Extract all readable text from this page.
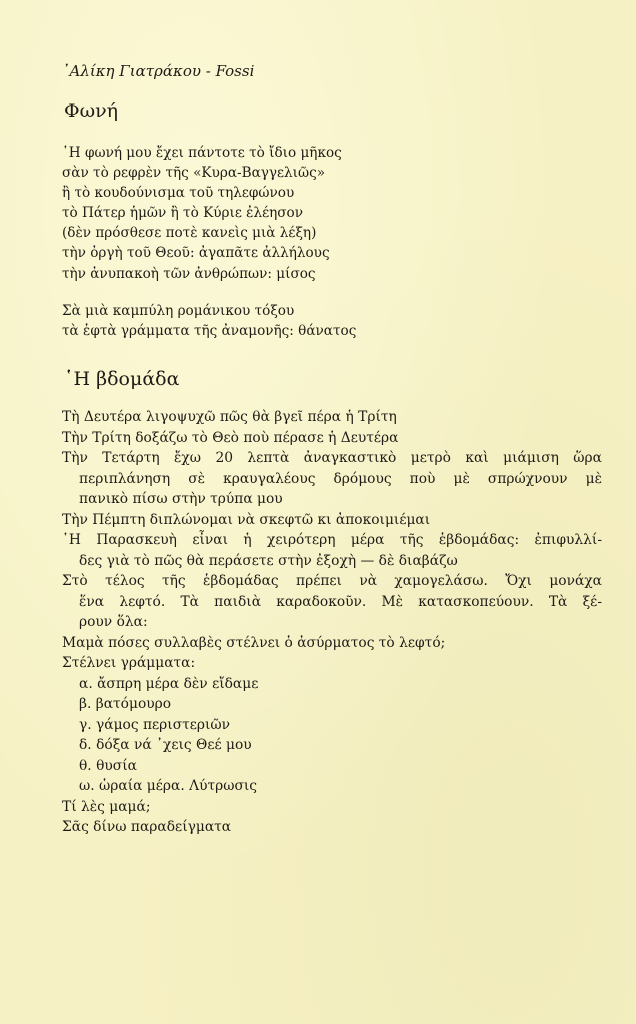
᾿Αλίκη Γιατράκου - Fossi
Φωνή
῾Η φωνή μου ἔχει πάντοτε τὸ ἴδιο μῆκος
σὰν τὸ ρεφρὲν τῆς «Κυρα-Βαγγελιῶς»
ἢ τὸ κουδούνισμα τοῦ τηλεφώνου
τὸ Πάτερ ἡμῶν ἢ τὸ Κύριε ἐλέησον
(δὲν πρόσθεσε ποτὲ κανεὶς μιὰ λέξη)
τὴν ὀργὴ τοῦ Θεοῦ: ἀγαπᾶτε ἀλλήλους
τὴν ἀνυπακοὴ τῶν ἀνθρώπων: μίσος
Σὰ μιὰ καμπύλη ρομάνικου τόξου
τὰ ἑφτὰ γράμματα τῆς ἀναμονῆς: θάνατος
῾Η βδομάδα
Τὴ Δευτέρα λιγοψυχῶ πῶς θὰ βγεῖ πέρα ἡ Τρίτη
Τὴν Τρίτη δοξάζω τὸ Θεὸ ποὺ πέρασε ἡ Δευτέρα
Τὴν Τετάρτη ἔχω 20 λεπτὰ ἀναγκαστικὸ μετρὸ καὶ μιάμιση ὥρα
περιπλάνηση σὲ κραυγαλέους δρόμους ποὺ μὲ σπρώχνουν μὲ
πανικὸ πίσω στὴν τρύπα μου
Τὴν Πέμπτη διπλώνομαι νὰ σκεφτῶ κι ἀποκοιμιέμαι
῾Η Παρασκευὴ εἶναι ἡ χειρότερη μέρα τῆς ἑβδομάδας: ἐπιφυλλί-
δες γιὰ τὸ πῶς θὰ περάσετε στὴν ἐξοχὴ — δὲ διαβάζω
Στὸ τέλος τῆς ἑβδομάδας πρέπει νὰ χαμογελάσω. Ὄχι μονάχα
ἕνα λεφτό. Τὰ παιδιὰ καραδοκοῦν. Μὲ κατασκοπεύουν. Τὰ ξέ-
ρουν ὅλα:
Μαμὰ πόσες συλλαβὲς στέλνει ὁ ἀσύρματος τὸ λεφτό;
Στέλνει γράμματα:
α. ἄσπρη μέρα δὲν εἴδαμε
β. βατόμουρο
γ. γάμος περιστεριῶν
δ. δόξα νά ᾿χεις Θεέ μου
θ. θυσία
ω. ὡραία μέρα. Λύτρωσις
Τί λὲς μαμά;
Σᾶς δίνω παραδείγματα
